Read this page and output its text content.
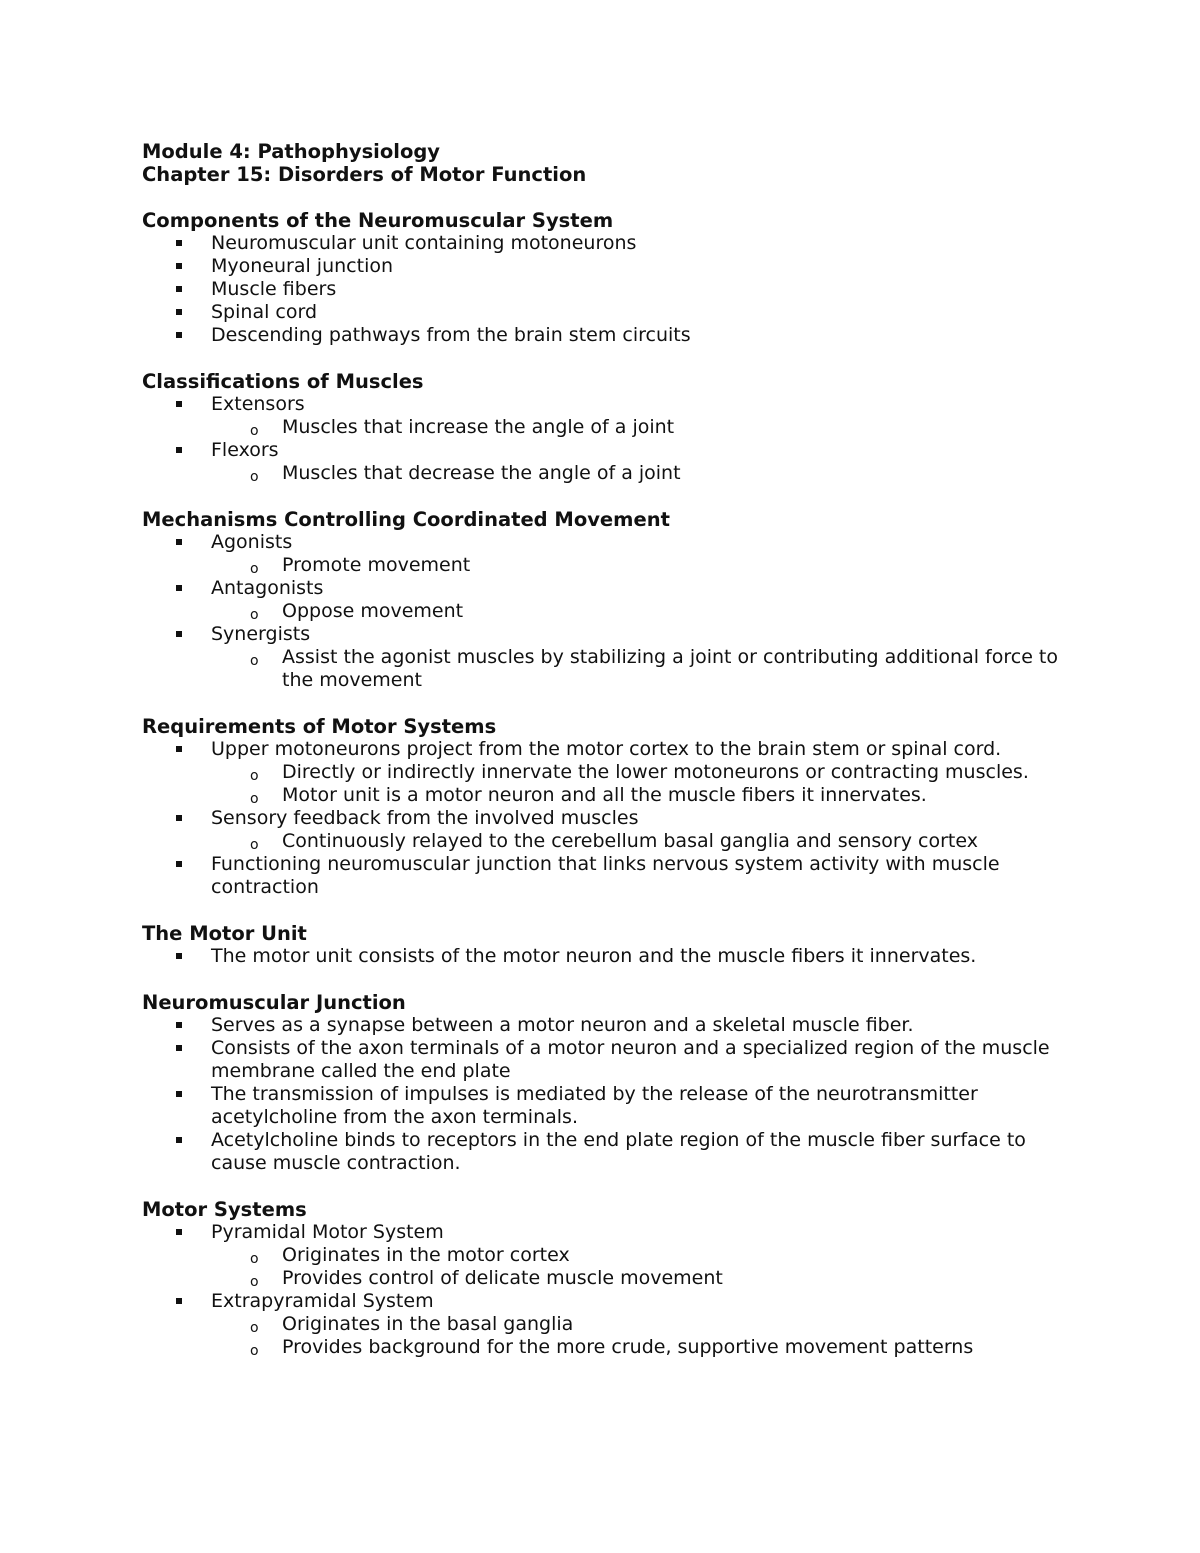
Module 4: Pathophysiology

Chapter 15: Disorders of Motor Function

Components of the Neuromuscular System

Neuromuscular unit containing motoneurons
Myoneural junction
Muscle fibers
Spinal cord
Descending pathways from the brain stem circuits

Classifications of Muscles

Extensors
o Muscles that increase the angle of a joint
Flexors
o Muscles that decrease the angle of a joint

Mechanisms Controlling Coordinated Movement

Agonists
o Promote movement
Antagonists
o Oppose movement
Synergists
o Assist the agonist muscles by stabilizing a joint or contributing additional force to the movement

Requirements of Motor Systems

Upper motoneurons project from the motor cortex to the brain stem or spinal cord.
o Directly or indirectly innervate the lower motoneurons or contracting muscles.
o Motor unit is a motor neuron and all the muscle fibers it innervates.
Sensory feedback from the involved muscles
o Continuously relayed to the cerebellum basal ganglia and sensory cortex
Functioning neuromuscular junction that links nervous system activity with muscle contraction

The Motor Unit

The motor unit consists of the motor neuron and the muscle fibers it innervates.

Neuromuscular Junction

Serves as a synapse between a motor neuron and a skeletal muscle fiber.
Consists of the axon terminals of a motor neuron and a specialized region of the muscle membrane called the end plate
The transmission of impulses is mediated by the release of the neurotransmitter acetylcholine from the axon terminals.
Acetylcholine binds to receptors in the end plate region of the muscle fiber surface to cause muscle contraction.

Motor Systems

Pyramidal Motor System
o Originates in the motor cortex
o Provides control of delicate muscle movement
Extrapyramidal System
o Originates in the basal ganglia
o Provides background for the more crude, supportive movement patterns
